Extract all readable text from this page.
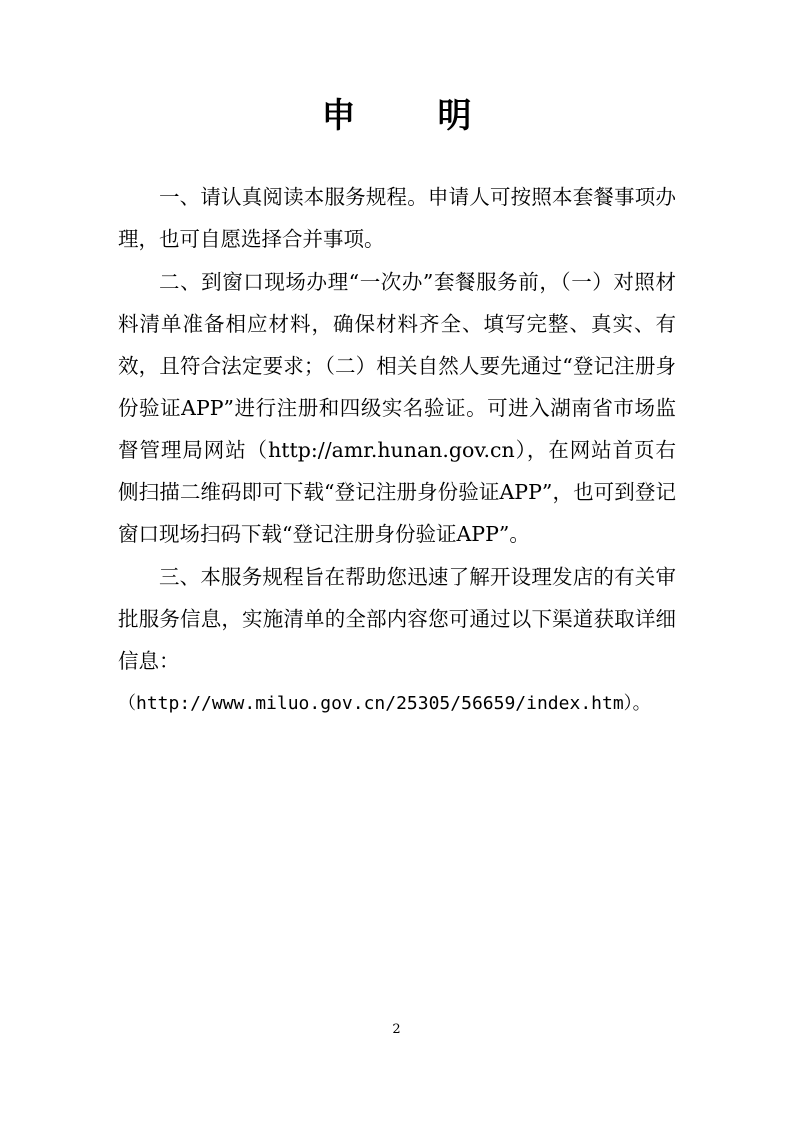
申　明

一、请认真阅读本服务规程。申请人可按照本套餐事项办理，也可自愿选择合并事项。

二、到窗口现场办理“一次办”套餐服务前，（一）对照材料清单准备相应材料，确保材料齐全、填写完整、真实、有效，且符合法定要求；（二）相关自然人要先通过“登记注册身份验证APP”进行注册和四级实名验证。可进入湖南省市场监督管理局网站（http://amr.hunan.gov.cn），在网站首页右侧扫描二维码即可下载“登记注册身份验证APP”，也可到登记窗口现场扫码下载“登记注册身份验证APP”。

三、本服务规程旨在帮助您迅速了解开设理发店的有关审批服务信息，实施清单的全部内容您可通过以下渠道获取详细信息：

（http://www.miluo.gov.cn/25305/56659/index.htm）。

2
